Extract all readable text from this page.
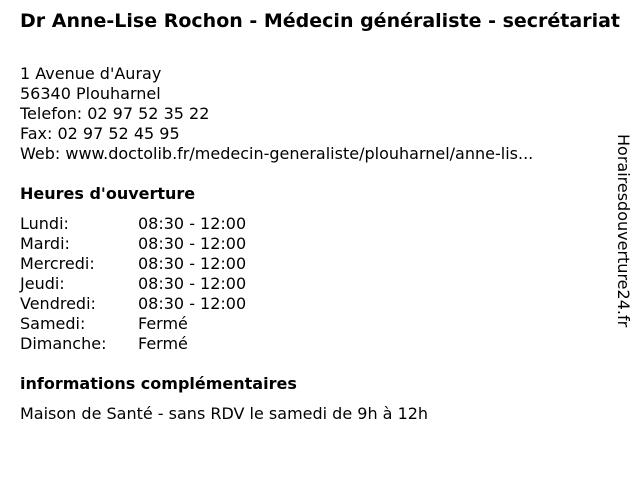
Dr Anne-Lise Rochon - Médecin généraliste - secrétariat
1 Avenue d'Auray
56340 Plouharnel
Telefon: 02 97 52 35 22
Fax: 02 97 52 45 95
Web: www.doctolib.fr/medecin-generaliste/plouharnel/anne-lis...
Heures d'ouverture
Lundi:	08:30 - 12:00
Mardi:	08:30 - 12:00
Mercredi:	08:30 - 12:00
Jeudi:	08:30 - 12:00
Vendredi:	08:30 - 12:00
Samedi:	Fermé
Dimanche:	Fermé
informations complémentaires
Maison de Santé - sans RDV le samedi de 9h à 12h
Horairesdouverture24.fr
